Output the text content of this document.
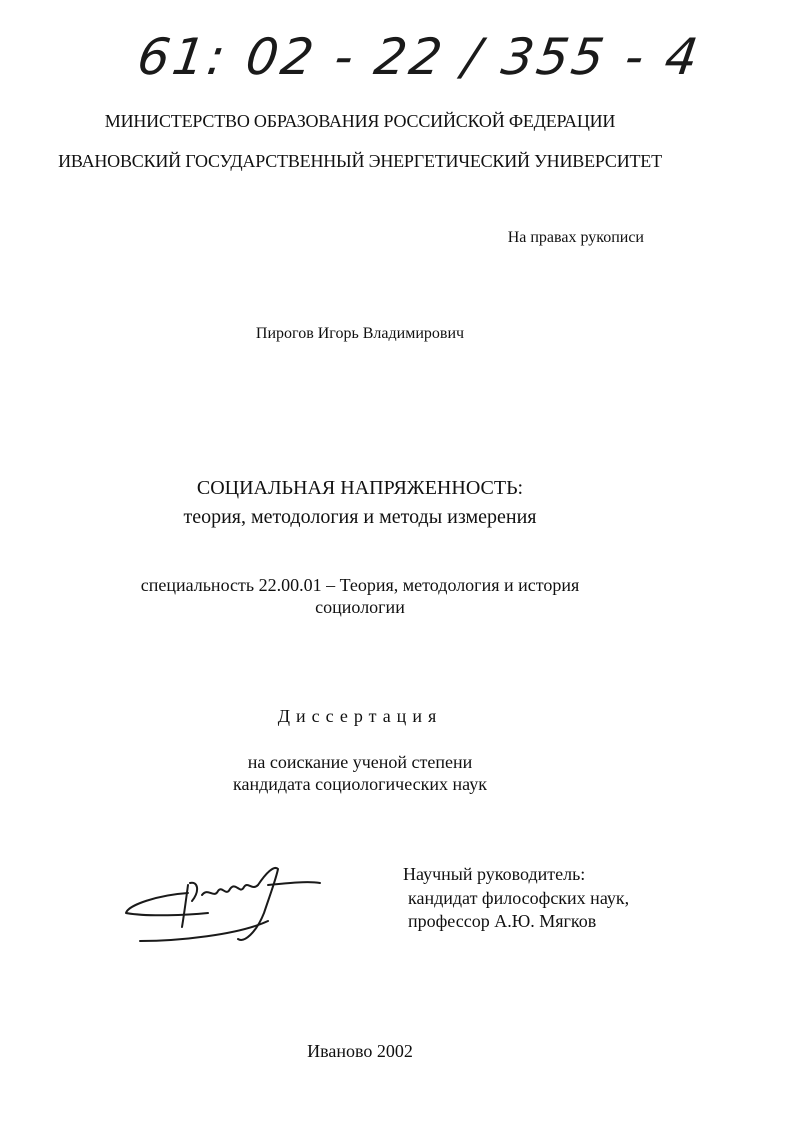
61: 02 - 22 / 355 - 4
МИНИСТЕРСТВО ОБРАЗОВАНИЯ РОССИЙСКОЙ ФЕДЕРАЦИИ
ИВАНОВСКИЙ ГОСУДАРСТВЕННЫЙ ЭНЕРГЕТИЧЕСКИЙ УНИВЕРСИТЕТ
На правах рукописи
Пирогов Игорь Владимирович
СОЦИАЛЬНАЯ НАПРЯЖЕННОСТЬ:
теория, методология и методы измерения
специальность 22.00.01 – Теория, методология и история
социологии
Диссертация
на соискание ученой степени
кандидата социологических наук
Научный руководитель:
кандидат философских наук,
профессор А.Ю. Мягков
Иваново 2002
